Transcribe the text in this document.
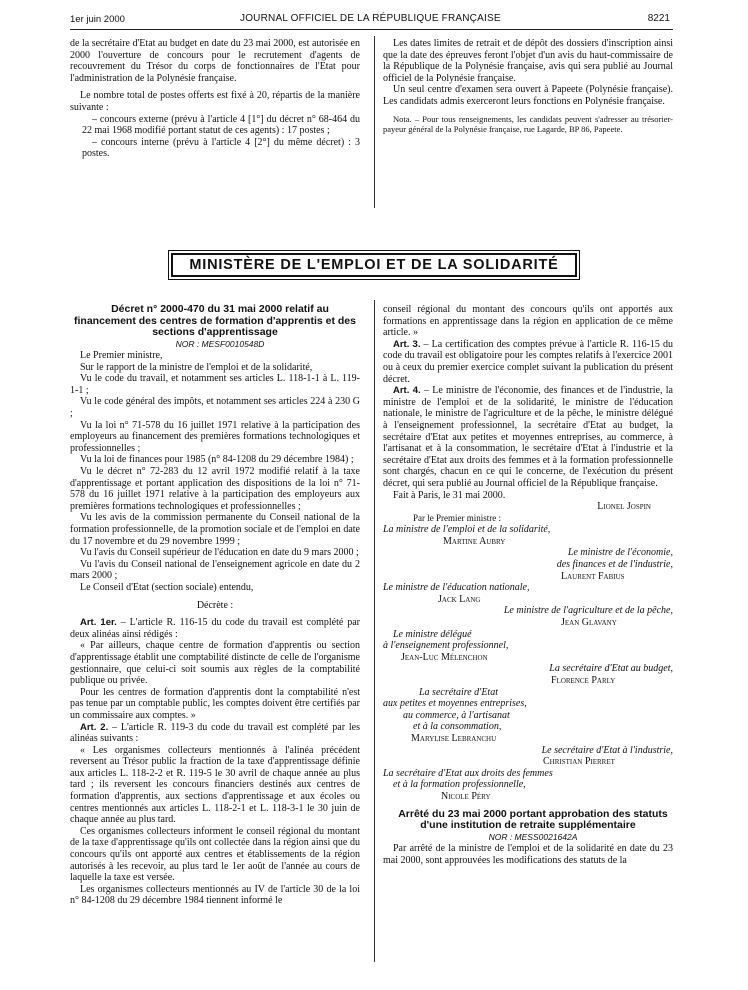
1er juin 2000	JOURNAL OFFICIEL DE LA RÉPUBLIQUE FRANÇAISE	8221

de la secrétaire d'Etat au budget en date du 23 mai 2000, est autorisée en 2000 l'ouverture de concours pour le recrutement d'agents de recouvrement du Trésor du corps de fonctionnaires de l'Etat pour l'administration de la Polynésie française.

Le nombre total de postes offerts est fixé à 20, répartis de la manière suivante :

– concours externe (prévu à l'article 4 [1°] du décret n° 68-464 du 22 mai 1968 modifié portant statut de ces agents) : 17 postes ;

– concours interne (prévu à l'article 4 [2°] du même décret) : 3 postes.

Les dates limites de retrait et de dépôt des dossiers d'inscription ainsi que la date des épreuves feront l'objet d'un avis du haut-commissaire de la République de la Polynésie française, avis qui sera publié au Journal officiel de la Polynésie française.

Un seul centre d'examen sera ouvert à Papeete (Polynésie française). Les candidats admis exerceront leurs fonctions en Polynésie française.

Nota. – Pour tous renseignements, les candidats peuvent s'adresser au trésorier-payeur général de la Polynésie française, rue Lagarde, BP 86, Papeete.

MINISTÈRE DE L'EMPLOI ET DE LA SOLIDARITÉ

Décret n° 2000-470 du 31 mai 2000 relatif au financement des centres de formation d'apprentis et des sections d'apprentissage

NOR : MESF0010548D

Le Premier ministre,

Sur le rapport de la ministre de l'emploi et de la solidarité,

Vu le code du travail, et notamment ses articles L. 118-1-1 à L. 119-1-1 ;

Vu le code général des impôts, et notamment ses articles 224 à 230 G ;

Vu la loi n° 71-578 du 16 juillet 1971 relative à la participation des employeurs au financement des premières formations technologiques et professionnelles ;

Vu la loi de finances pour 1985 (n° 84-1208 du 29 décembre 1984) ;

Vu le décret n° 72-283 du 12 avril 1972 modifié relatif à la taxe d'apprentissage et portant application des dispositions de la loi n° 71-578 du 16 juillet 1971 relative à la participation des employeurs aux premières formations technologiques et professionnelles ;

Vu les avis de la commission permanente du Conseil national de la formation professionnelle, de la promotion sociale et de l'emploi en date du 17 novembre et du 29 novembre 1999 ;

Vu l'avis du Conseil supérieur de l'éducation en date du 9 mars 2000 ;

Vu l'avis du Conseil national de l'enseignement agricole en date du 2 mars 2000 ;

Le Conseil d'Etat (section sociale) entendu,

Décrète :

Art. 1er. – L'article R. 116-15 du code du travail est complété par deux alinéas ainsi rédigés :

« Par ailleurs, chaque centre de formation d'apprentis ou section d'apprentissage établit une comptabilité distincte de celle de l'organisme gestionnaire, que celui-ci soit soumis aux règles de la comptabilité publique ou privée.

Pour les centres de formation d'apprentis dont la comptabilité n'est pas tenue par un comptable public, les comptes doivent être certifiés par un commissaire aux comptes. »

Art. 2. – L'article R. 119-3 du code du travail est complété par les alinéas suivants :

« Les organismes collecteurs mentionnés à l'alinéa précédent reversent au Trésor public la fraction de la taxe d'apprentissage définie aux articles L. 118-2-2 et R. 119-5 le 30 avril de chaque année au plus tard ; ils reversent les concours financiers destinés aux centres de formation d'apprentis, aux sections d'apprentissage et aux écoles ou centres mentionnés aux articles L. 118-2-1 et L. 118-3-1 le 30 juin de chaque année au plus tard.

Ces organismes collecteurs informent le conseil régional du montant de la taxe d'apprentissage qu'ils ont collectée dans la région ainsi que du concours qu'ils ont apporté aux centres et établissements de la région autorisés à les recevoir, au plus tard le 1er août de l'année au cours de laquelle la taxe est versée.

Les organismes collecteurs mentionnés au IV de l'article 30 de la loi n° 84-1208 du 29 décembre 1984 tiennent informé le

conseil régional du montant des concours qu'ils ont apportés aux formations en apprentissage dans la région en application de ce même article. »

Art. 3. – La certification des comptes prévue à l'article R. 116-15 du code du travail est obligatoire pour les comptes relatifs à l'exercice 2001 ou à ceux du premier exercice complet suivant la publication du présent décret.

Art. 4. – Le ministre de l'économie, des finances et de l'industrie, la ministre de l'emploi et de la solidarité, le ministre de l'éducation nationale, le ministre de l'agriculture et de la pêche, le ministre délégué à l'enseignement professionnel, la secrétaire d'Etat au budget, la secrétaire d'Etat aux petites et moyennes entreprises, au commerce, à l'artisanat et à la consommation, le secrétaire d'Etat à l'industrie et la secrétaire d'Etat aux droits des femmes et à la formation professionnelle sont chargés, chacun en ce qui le concerne, de l'exécution du présent décret, qui sera publié au Journal officiel de la République française.

Fait à Paris, le 31 mai 2000.

Lionel Jospin

Par le Premier ministre :

La ministre de l'emploi et de la solidarité,

Martine Aubry

Le ministre de l'économie,

des finances et de l'industrie,

Laurent Fabius

Le ministre de l'éducation nationale,

Jack Lang

Le ministre de l'agriculture et de la pêche,

Jean Glavany

Le ministre délégué

à l'enseignement professionnel,

Jean-Luc Mélenchon

La secrétaire d'Etat au budget,

Florence Parly

La secrétaire d'Etat

aux petites et moyennes entreprises,

au commerce, à l'artisanat

et à la consommation,

Marylise Lebranchu

Le secrétaire d'Etat à l'industrie,

Christian Pierret

La secrétaire d'Etat aux droits des femmes

et à la formation professionnelle,

Nicole Péry

Arrêté du 23 mai 2000 portant approbation des statuts d'une institution de retraite supplémentaire

NOR : MESS0021642A

Par arrêté de la ministre de l'emploi et de la solidarité en date du 23 mai 2000, sont approuvées les modifications des statuts de la
